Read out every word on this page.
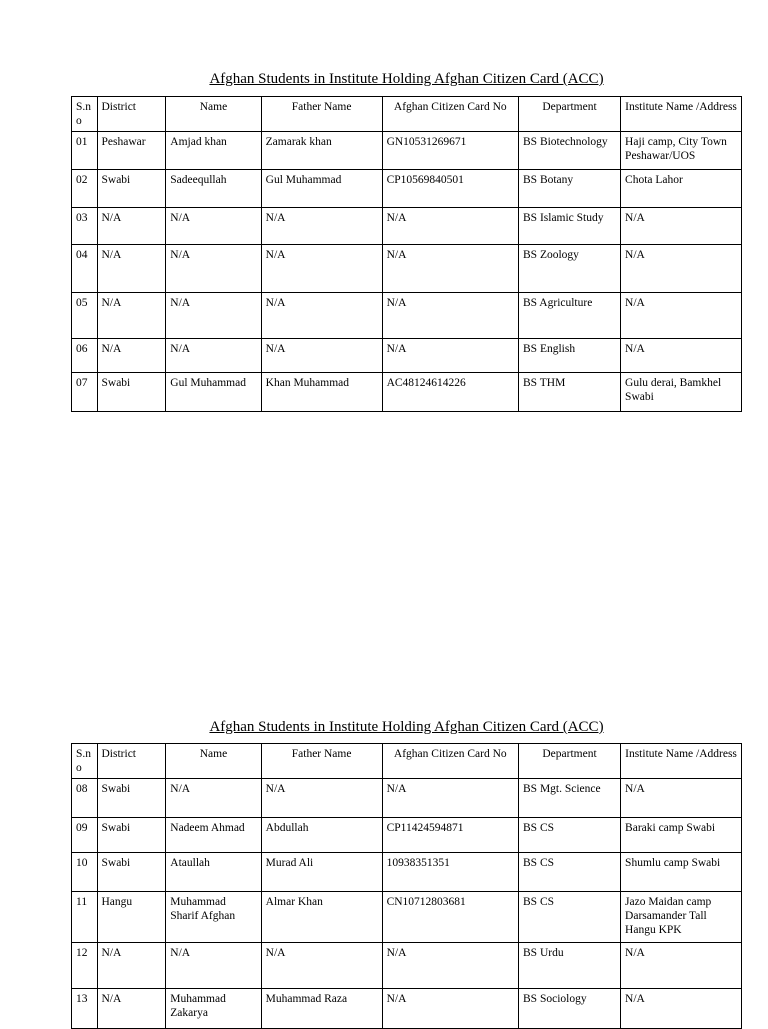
Afghan Students in Institute Holding Afghan Citizen Card (ACC)
S.no	District	Name	Father Name	Afghan Citizen Card No	Department	Institute Name /Address
01	Peshawar	Amjad khan	Zamarak khan	GN10531269671	BS Biotechnology	Haji camp, City Town Peshawar/UOS
02	Swabi	Sadeequllah	Gul Muhammad	CP10569840501	BS Botany	Chota Lahor
03	N/A	N/A	N/A	N/A	BS Islamic Study	N/A
04	N/A	N/A	N/A	N/A	BS Zoology	N/A
05	N/A	N/A	N/A	N/A	BS Agriculture	N/A
06	N/A	N/A	N/A	N/A	BS English	N/A
07	Swabi	Gul Muhammad	Khan Muhammad	AC48124614226	BS THM	Gulu derai, Bamkhel Swabi
Afghan Students in Institute Holding Afghan Citizen Card (ACC)
S.no	District	Name	Father Name	Afghan Citizen Card No	Department	Institute Name /Address
08	Swabi	N/A	N/A	N/A	BS Mgt. Science	N/A
09	Swabi	Nadeem Ahmad	Abdullah	CP11424594871	BS CS	Baraki camp Swabi
10	Swabi	Ataullah	Murad Ali	10938351351	BS CS	Shumlu camp Swabi
11	Hangu	Muhammad Sharif Afghan	Almar Khan	CN10712803681	BS CS	Jazo Maidan camp Darsamander Tall Hangu KPK
12	N/A	N/A	N/A	N/A	BS Urdu	N/A
13	N/A	Muhammad Zakarya	Muhammad Raza	N/A	BS Sociology	N/A
